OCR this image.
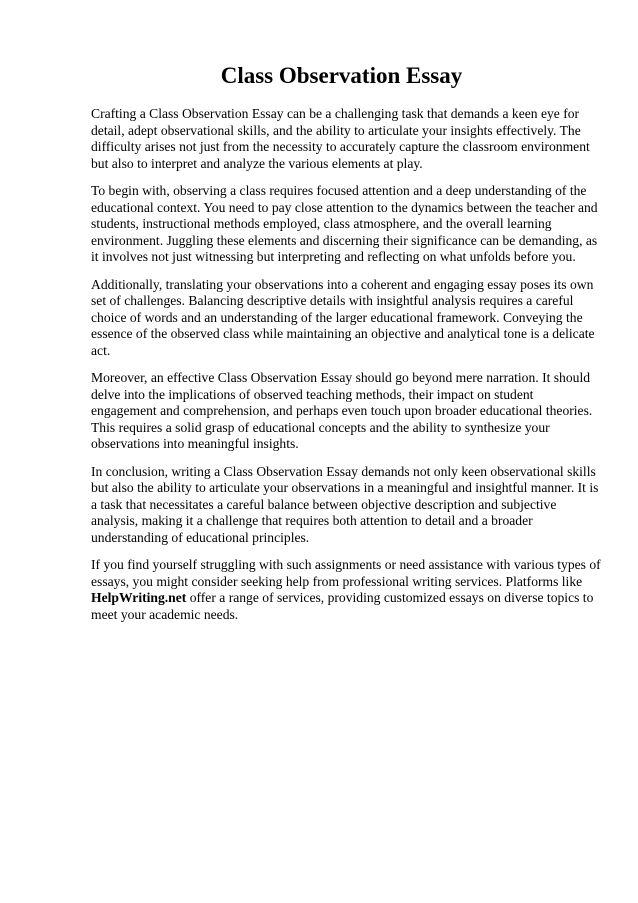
Class Observation Essay

Crafting a Class Observation Essay can be a challenging task that demands a keen eye for detail, adept observational skills, and the ability to articulate your insights effectively. The difficulty arises not just from the necessity to accurately capture the classroom environment but also to interpret and analyze the various elements at play.

To begin with, observing a class requires focused attention and a deep understanding of the educational context. You need to pay close attention to the dynamics between the teacher and students, instructional methods employed, class atmosphere, and the overall learning environment. Juggling these elements and discerning their significance can be demanding, as it involves not just witnessing but interpreting and reflecting on what unfolds before you.

Additionally, translating your observations into a coherent and engaging essay poses its own set of challenges. Balancing descriptive details with insightful analysis requires a careful choice of words and an understanding of the larger educational framework. Conveying the essence of the observed class while maintaining an objective and analytical tone is a delicate act.

Moreover, an effective Class Observation Essay should go beyond mere narration. It should delve into the implications of observed teaching methods, their impact on student engagement and comprehension, and perhaps even touch upon broader educational theories. This requires a solid grasp of educational concepts and the ability to synthesize your observations into meaningful insights.

In conclusion, writing a Class Observation Essay demands not only keen observational skills but also the ability to articulate your observations in a meaningful and insightful manner. It is a task that necessitates a careful balance between objective description and subjective analysis, making it a challenge that requires both attention to detail and a broader understanding of educational principles.

If you find yourself struggling with such assignments or need assistance with various types of essays, you might consider seeking help from professional writing services. Platforms like HelpWriting.net offer a range of services, providing customized essays on diverse topics to meet your academic needs.
